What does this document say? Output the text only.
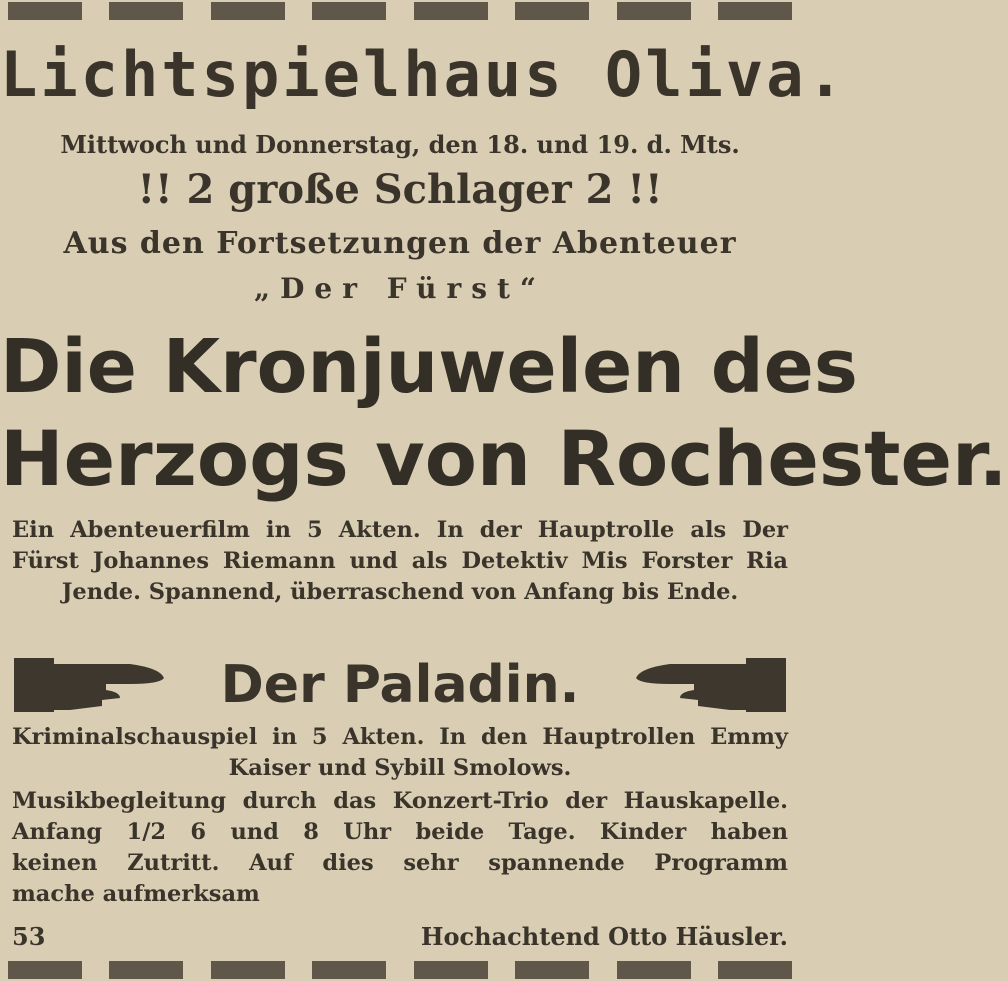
Lichtspielhaus Oliva.
Mittwoch und Donnerstag, den 18. und 19. d. Mts.
!! 2 große Schlager 2 !!
Aus den Fortsetzungen der Abenteuer
„Der Fürst“
Die Kronjuwelen des
Herzogs von Rochester.
Ein Abenteuerfilm in 5 Akten. In der Hauptrolle als Der Fürst Johannes Riemann und als Detektiv Mis Forster Ria Jende. Spannend, überraschend von Anfang bis Ende.
Der Paladin.
Kriminalschauspiel in 5 Akten. In den Hauptrollen Emmy Kaiser und Sybill Smolows.
Musikbegleitung durch das Konzert-Trio der Hauskapelle.
Anfang 1/2 6 und 8 Uhr beide Tage. Kinder haben
keinen Zutritt. Auf dies sehr spannende Programm
mache aufmerksam
53	Hochachtend Otto Häusler.
